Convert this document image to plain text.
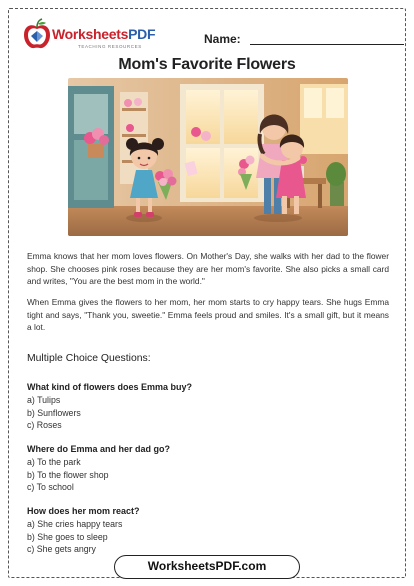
WorksheetsPDF
TEACHING RESOURCES
Name:
Mom's Favorite Flowers
Emma knows that her mom loves flowers. On Mother's Day, she walks with her dad to the flower shop. She chooses pink roses because they are her mom's favorite. She also picks a small card and writes, "You are the best mom in the world."
When Emma gives the flowers to her mom, her mom starts to cry happy tears. She hugs Emma tight and says, "Thank you, sweetie." Emma feels proud and smiles. It's a small gift, but it means a lot.
Multiple Choice Questions:
What kind of flowers does Emma buy?
a) Tulips
b) Sunflowers
c) Roses
Where do Emma and her dad go?
a) To the park
b) To the flower shop
c) To school
How does her mom react?
a) She cries happy tears
b) She goes to sleep
c) She gets angry
WorksheetsPDF.com
